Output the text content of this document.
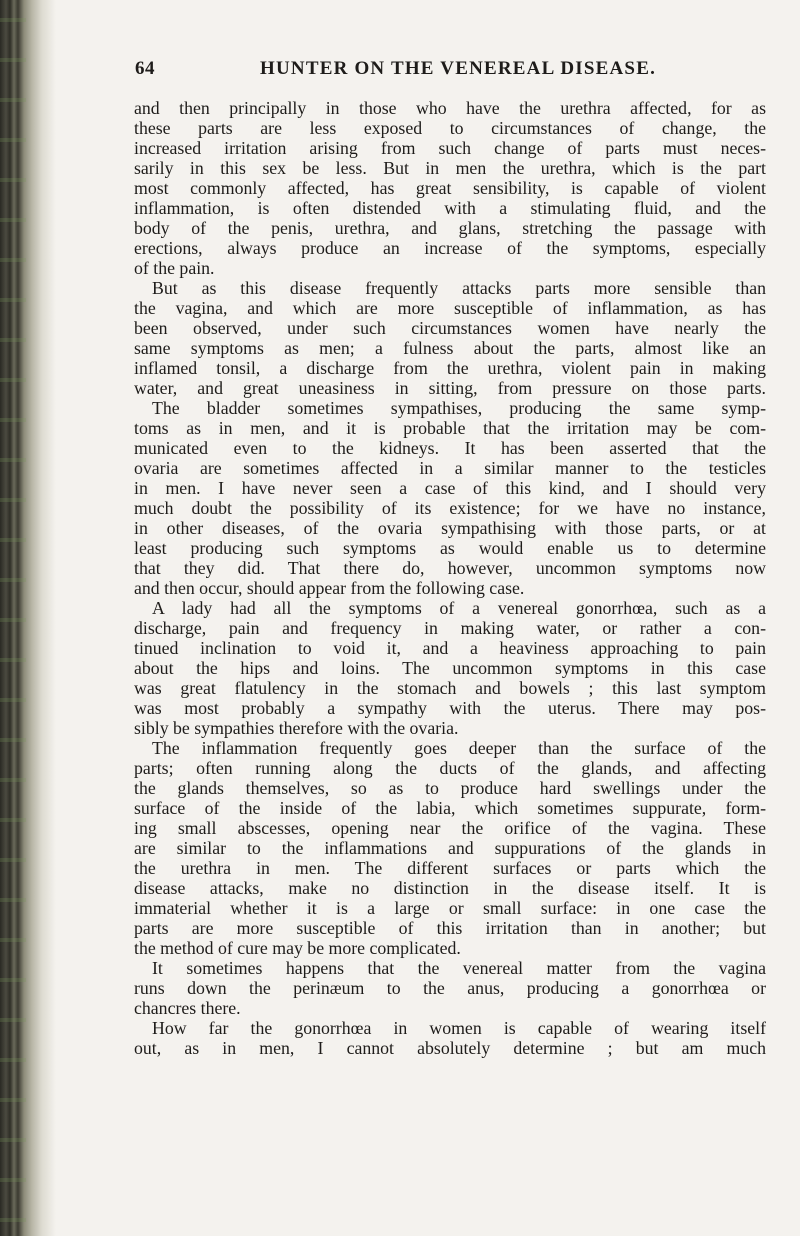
64	HUNTER ON THE VENEREAL DISEASE.
and then principally in those who have the urethra affected, for as
these parts are less exposed to circumstances of change, the
increased irritation arising from such change of parts must neces-
sarily in this sex be less. But in men the urethra, which is the part
most commonly affected, has great sensibility, is capable of violent
inflammation, is often distended with a stimulating fluid, and the
body of the penis, urethra, and glans, stretching the passage with
erections, always produce an increase of the symptoms, especially
of the pain.
But as this disease frequently attacks parts more sensible than
the vagina, and which are more susceptible of inflammation, as has
been observed, under such circumstances women have nearly the
same symptoms as men; a fulness about the parts, almost like an
inflamed tonsil, a discharge from the urethra, violent pain in making
water, and great uneasiness in sitting, from pressure on those parts.
The bladder sometimes sympathises, producing the same symp-
toms as in men, and it is probable that the irritation may be com-
municated even to the kidneys. It has been asserted that the
ovaria are sometimes affected in a similar manner to the testicles
in men. I have never seen a case of this kind, and I should very
much doubt the possibility of its existence; for we have no instance,
in other diseases, of the ovaria sympathising with those parts, or at
least producing such symptoms as would enable us to determine
that they did. That there do, however, uncommon symptoms now
and then occur, should appear from the following case.
A lady had all the symptoms of a venereal gonorrhœa, such as a
discharge, pain and frequency in making water, or rather a con-
tinued inclination to void it, and a heaviness approaching to pain
about the hips and loins. The uncommon symptoms in this case
was great flatulency in the stomach and bowels ; this last symptom
was most probably a sympathy with the uterus. There may pos-
sibly be sympathies therefore with the ovaria.
The inflammation frequently goes deeper than the surface of the
parts; often running along the ducts of the glands, and affecting
the glands themselves, so as to produce hard swellings under the
surface of the inside of the labia, which sometimes suppurate, form-
ing small abscesses, opening near the orifice of the vagina. These
are similar to the inflammations and suppurations of the glands in
the urethra in men. The different surfaces or parts which the
disease attacks, make no distinction in the disease itself. It is
immaterial whether it is a large or small surface: in one case the
parts are more susceptible of this irritation than in another; but
the method of cure may be more complicated.
It sometimes happens that the venereal matter from the vagina
runs down the perinæum to the anus, producing a gonorrhœa or
chancres there.
How far the gonorrhœa in women is capable of wearing itself
out, as in men, I cannot absolutely determine ; but am much
